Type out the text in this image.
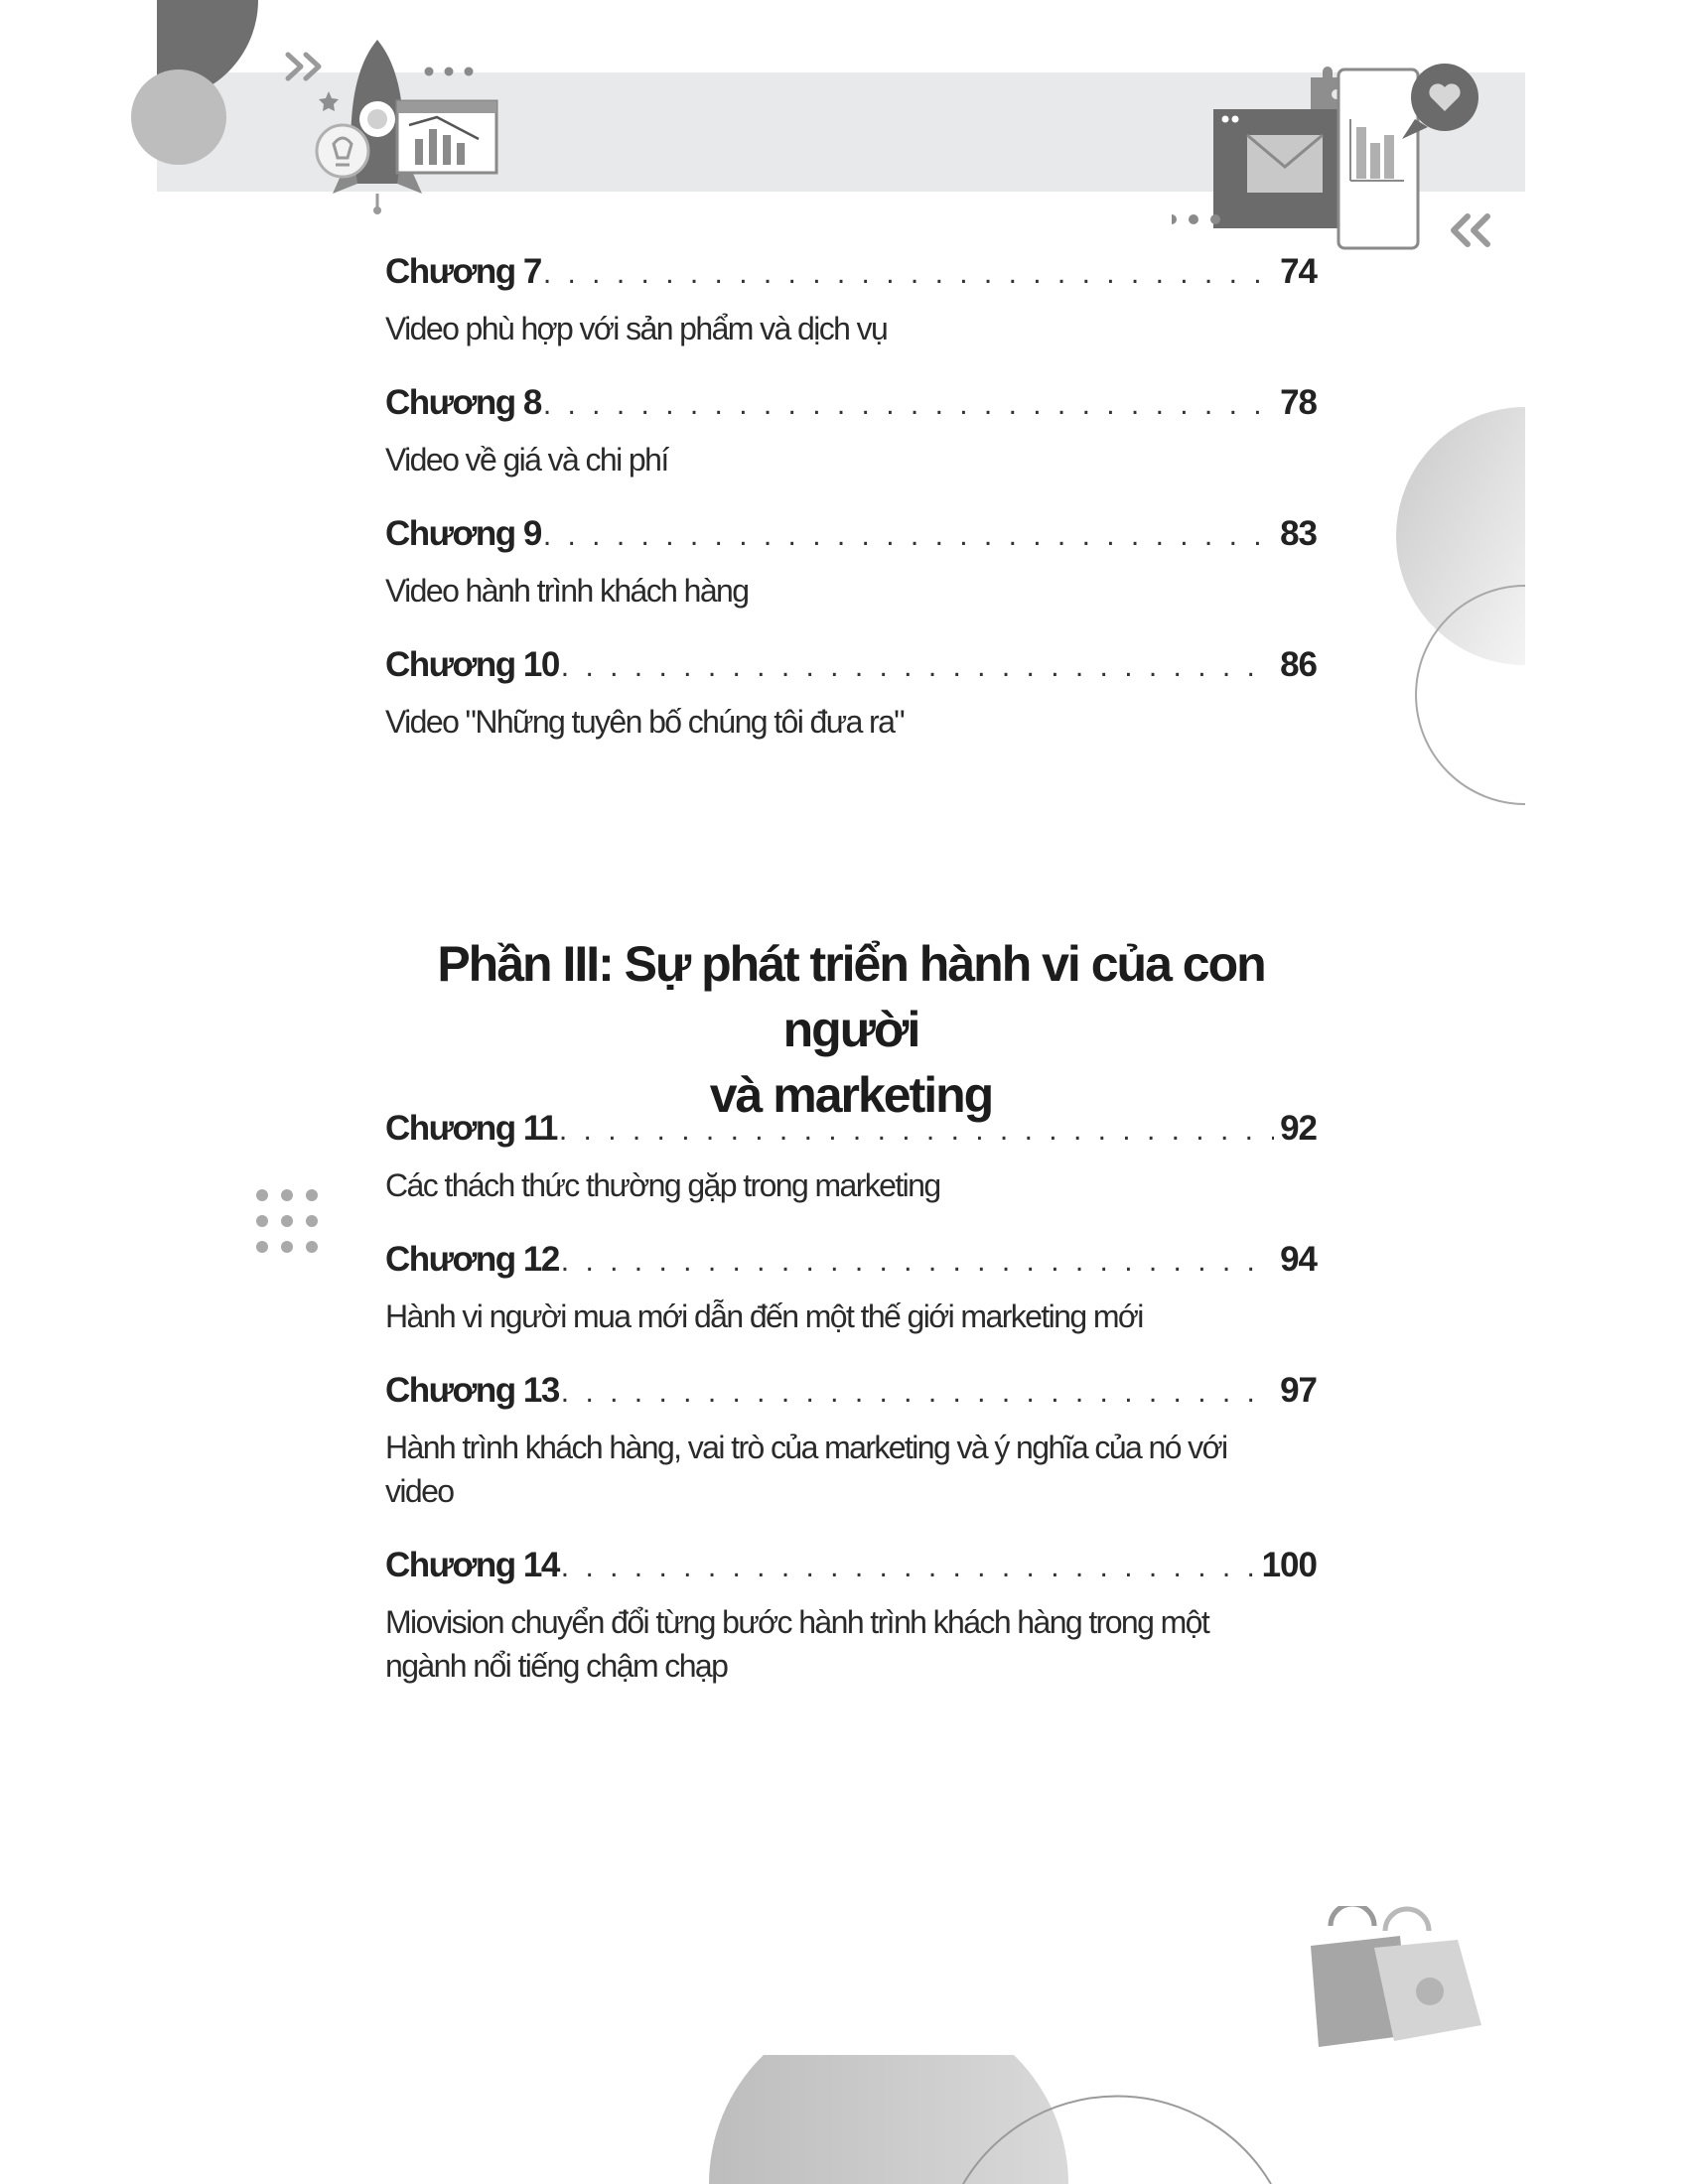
Chương 7 . . .	74
Video phù hợp với sản phẩm và dịch vụ
Chương 8 . . .	78
Video về giá và chi phí
Chương 9 . . .	83
Video hành trình khách hàng
Chương 10 . . .	86
Video "Những tuyên bố chúng tôi đưa ra"
Phần III: Sự phát triển hành vi của con người
và marketing
Chương 11 . . .	92
Các thách thức thường gặp trong marketing
Chương 12 . . .	94
Hành vi người mua mới dẫn đến một thế giới marketing mới
Chương 13 . . .	97
Hành trình khách hàng, vai trò của marketing và ý nghĩa của nó với video
Chương 14 . . .	100
Miovision chuyển đổi từng bước hành trình khách hàng trong một ngành nổi tiếng chậm chạp
